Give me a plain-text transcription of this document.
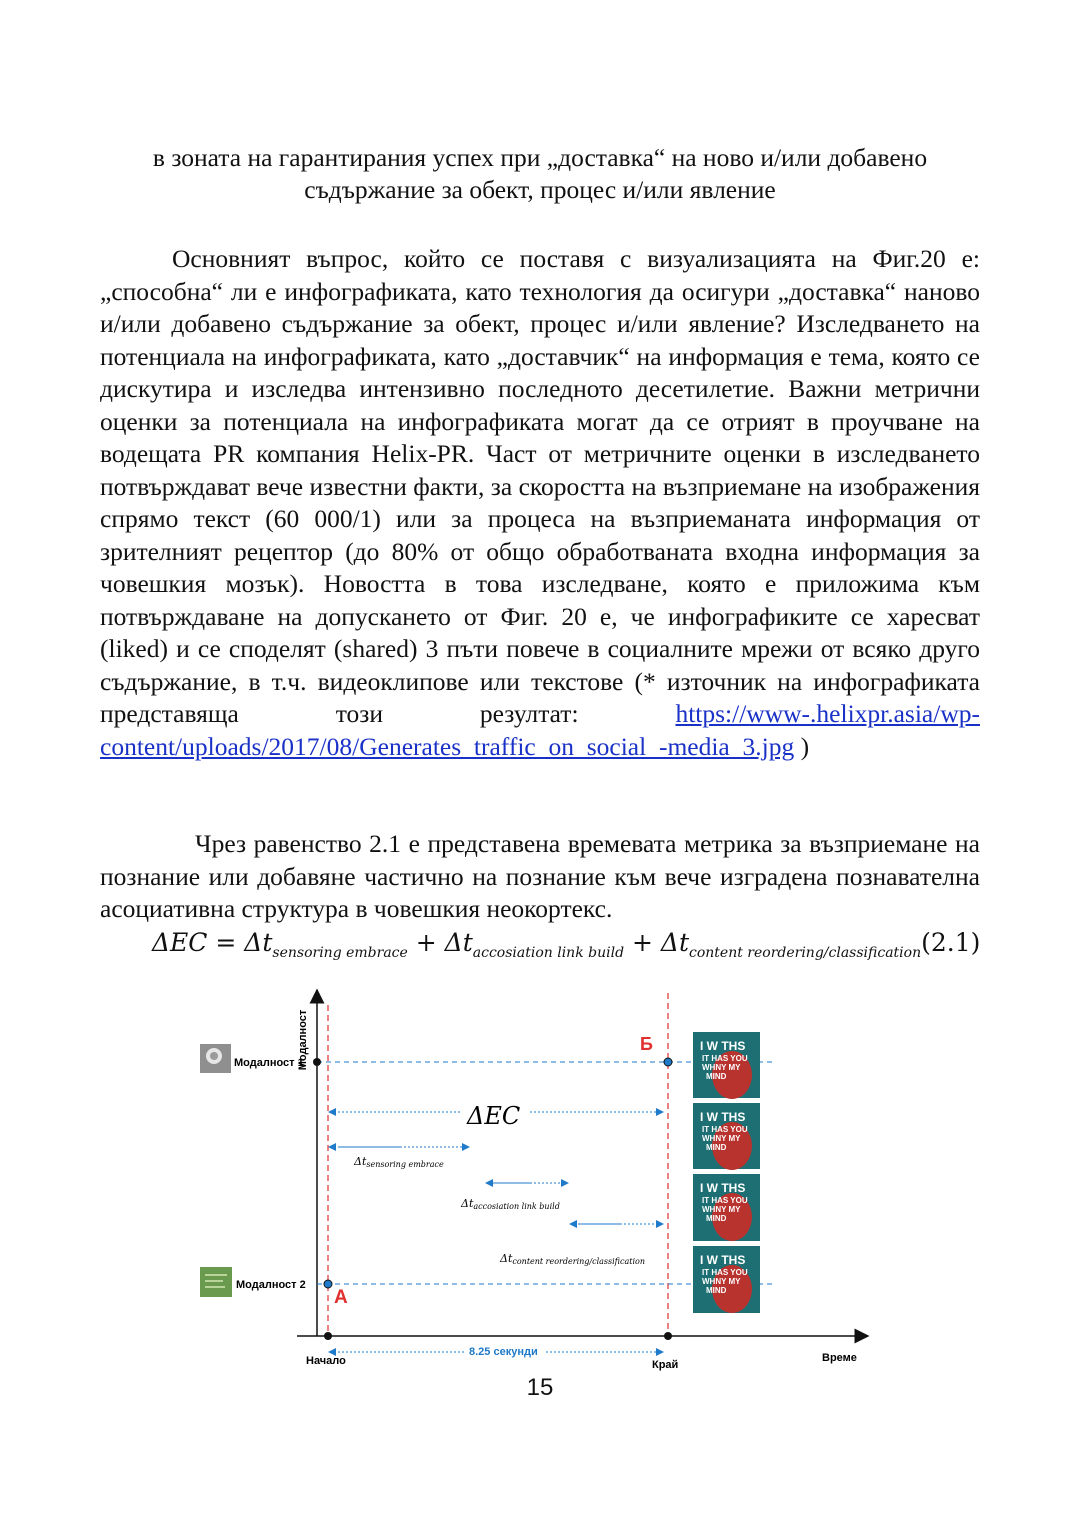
в зоната на гарантирания успех при „доставка“ на ново и/или добавено
съдържание за обект, процес и/или явление
Основният въпрос, който се поставя с визуализацията на Фиг.20 е: „способна“ ли е инфографиката, като технология да осигури „доставка“ наново и/или добавено съдържание за обект, процес и/или явление? Изследването на потенциала на инфографиката, като „доставчик“ на информация е тема, която се дискутира и изследва интензивно последното десетилетие. Важни метрични оценки за потенциала на инфографиката могат да се отрият в проучване на водещата PR компания Helix-PR. Част от метричните оценки в изследването потвърждават вече известни факти, за скоростта на възприемане на изображения спрямо текст (60 000/1) или за процеса на възприеманата информация от зрителният рецептор (до 80% от общо обработваната входна информация за човешкия мозък). Новостта в това изследване, която е приложима към потвърждаване на допускането от Фиг. 20 е, че инфографиките се харесват (liked) и се споделят (shared) 3 пъти повече в социалните мрежи от всяко друго съдържание, в т.ч. видеоклипове или текстове (* източник на инфографиката представяща този резултат:	https://www-.helixpr.asia/wp-content/uploads/2017/08/Generates_traffic_on_social_-media_3.jpg )
Чрез равенство 2.1 е представена времевата метрика за възприемане на познание или добавяне частично на познание към вече изградена познавателна асоциативна структура в човешкия неокортекс.
$\Delta EC = \Delta t_{sensoring embrace} + \Delta t_{accosiation link build} + \Delta t_{content reordering/classification}(2.1)$
Модалност
Време
Модалност 1
Модалност 2
А
Б
ΔEC
Δtsensoring embrace
Δtaccosiation link build
Δtcontent reordering/classification
Начало	Край
8.25 секунди
I W THS
IT HAS YOU
WHNY MY
MIND
I W THS
IT HAS YOU
WHNY MY
MIND
I W THS
IT HAS YOU
WHNY MY
MIND
I W THS
IT HAS YOU
WHNY MY
MIND
15
